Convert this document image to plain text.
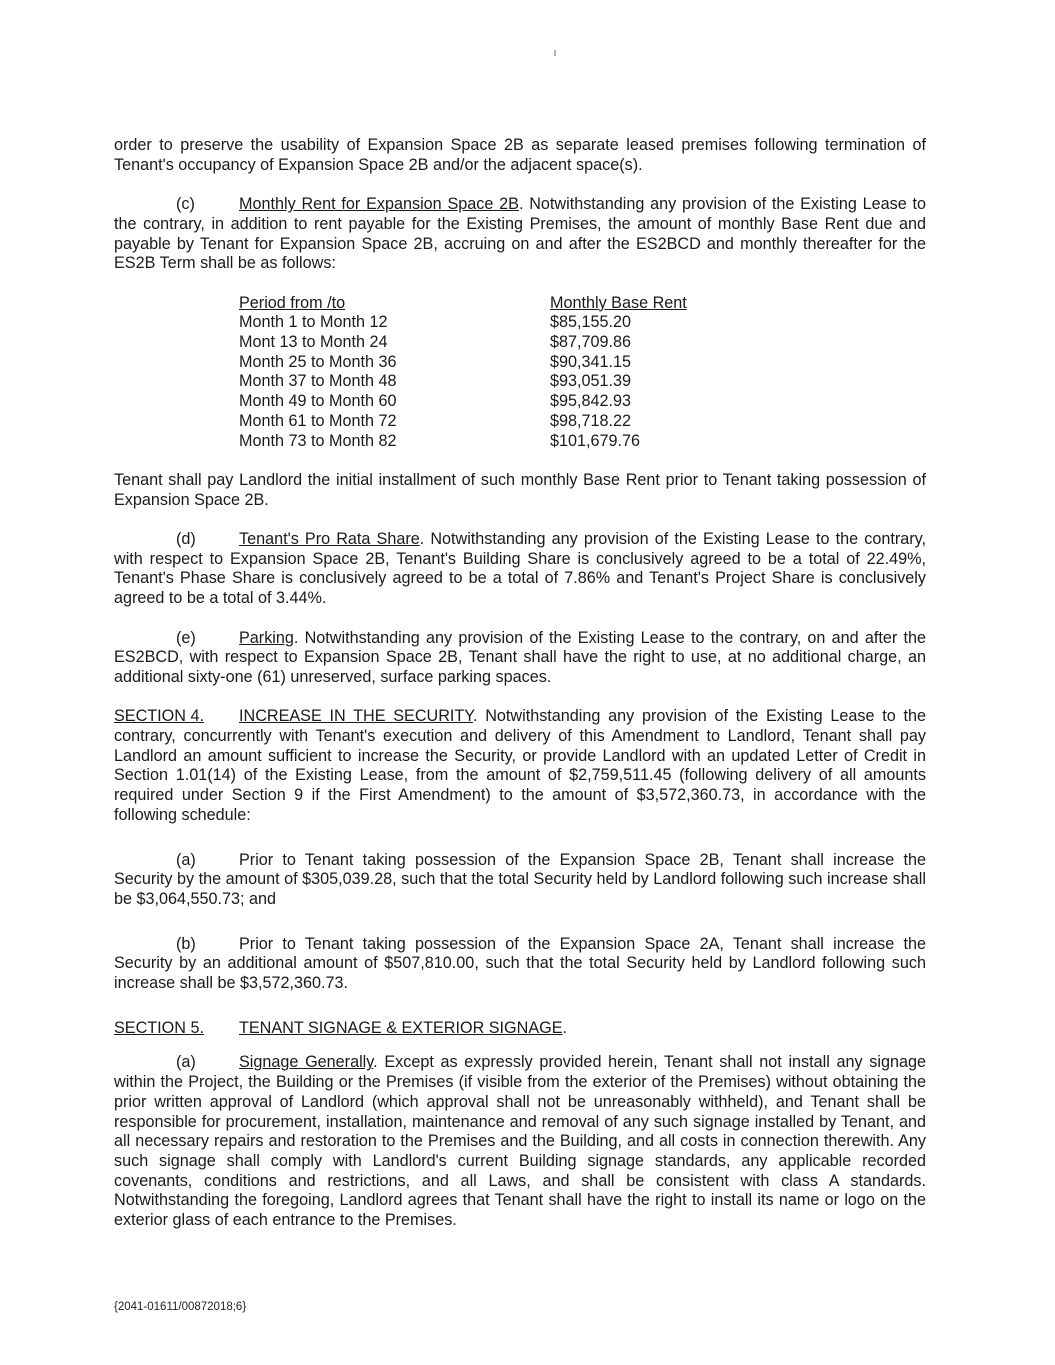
order to preserve the usability of Expansion Space 2B as separate leased premises following termination of Tenant's occupancy of Expansion Space 2B and/or the adjacent space(s).

(c)	Monthly Rent for Expansion Space 2B. Notwithstanding any provision of the Existing Lease to the contrary, in addition to rent payable for the Existing Premises, the amount of monthly Base Rent due and payable by Tenant for Expansion Space 2B, accruing on and after the ES2BCD and monthly thereafter for the ES2B Term shall be as follows:

Period from /to	Monthly Base Rent
Month 1 to Month 12	$85,155.20
Mont 13 to Month 24	$87,709.86
Month 25 to Month 36	$90,341.15
Month 37 to Month 48	$93,051.39
Month 49 to Month 60	$95,842.93
Month 61 to Month 72	$98,718.22
Month 73 to Month 82	$101,679.76

Tenant shall pay Landlord the initial installment of such monthly Base Rent prior to Tenant taking possession of Expansion Space 2B.

(d)	Tenant's Pro Rata Share. Notwithstanding any provision of the Existing Lease to the contrary, with respect to Expansion Space 2B, Tenant's Building Share is conclusively agreed to be a total of 22.49%, Tenant's Phase Share is conclusively agreed to be a total of 7.86% and Tenant's Project Share is conclusively agreed to be a total of 3.44%.

(e)	Parking. Notwithstanding any provision of the Existing Lease to the contrary, on and after the ES2BCD, with respect to Expansion Space 2B, Tenant shall have the right to use, at no additional charge, an additional sixty-one (61) unreserved, surface parking spaces.

SECTION 4. INCREASE IN THE SECURITY. Notwithstanding any provision of the Existing Lease to the contrary, concurrently with Tenant's execution and delivery of this Amendment to Landlord, Tenant shall pay Landlord an amount sufficient to increase the Security, or provide Landlord with an updated Letter of Credit in Section 1.01(14) of the Existing Lease, from the amount of $2,759,511.45 (following delivery of all amounts required under Section 9 if the First Amendment) to the amount of $3,572,360.73, in accordance with the following schedule:

(a)	Prior to Tenant taking possession of the Expansion Space 2B, Tenant shall increase the Security by the amount of $305,039.28, such that the total Security held by Landlord following such increase shall be $3,064,550.73; and

(b)	Prior to Tenant taking possession of the Expansion Space 2A, Tenant shall increase the Security by an additional amount of $507,810.00, such that the total Security held by Landlord following such increase shall be $3,572,360.73.

SECTION 5. TENANT SIGNAGE & EXTERIOR SIGNAGE.

(a)	Signage Generally. Except as expressly provided herein, Tenant shall not install any signage within the Project, the Building or the Premises (if visible from the exterior of the Premises) without obtaining the prior written approval of Landlord (which approval shall not be unreasonably withheld), and Tenant shall be responsible for procurement, installation, maintenance and removal of any such signage installed by Tenant, and all necessary repairs and restoration to the Premises and the Building, and all costs in connection therewith. Any such signage shall comply with Landlord's current Building signage standards, any applicable recorded covenants, conditions and restrictions, and all Laws, and shall be consistent with class A standards. Notwithstanding the foregoing, Landlord agrees that Tenant shall have the right to install its name or logo on the exterior glass of each entrance to the Premises.

{2041-01611/00872018;6}
